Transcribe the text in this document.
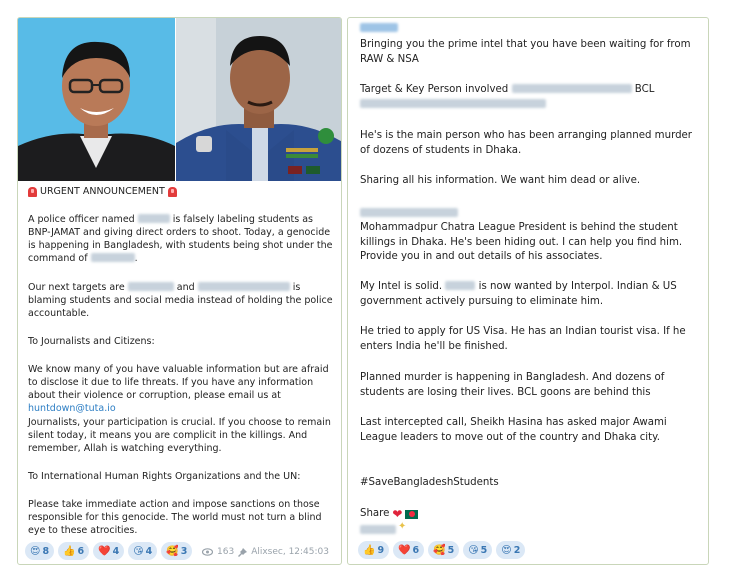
URGENT ANNOUNCEMENT
A police officer named	is falsely labeling students as BNP-JAMAT and giving direct orders to shoot. Today, a genocide is happening in Bangladesh, with students being shot under the command of	.
Our next targets are	and	is blaming students and social media instead of holding the police accountable.
To Journalists and Citizens:
We know many of you have valuable information but are afraid to disclose it due to life threats. If you have any information about their violence or corruption, please email us at huntdown@tuta.io
Journalists, your participation is crucial. If you choose to remain silent today, it means you are complicit in the killings. And remember, Allah is watching everything.
To International Human Rights Organizations and the UN:
Please take immediate action and impose sanctions on those responsible for this genocide. The world must not turn a blind eye to these atrocities.
😍 8 👍 6 ❤️ 4 😘 4 🥰 3	163 Alixsec, 12:45:03
Bringing you the prime intel that you have been waiting for from RAW & NSA
Target & Key Person involved	BCL

He's is the main person who has been arranging planned murder of dozens of students in Dhaka.
Sharing all his information. We want him dead or alive.
Mohammadpur Chatra League President is behind the student killings in Dhaka. He's been hiding out. I can help you find him. Provide you in and out details of his associates.
My Intel is solid.	is now wanted by Interpol. Indian & US government actively pursuing to eliminate him.
He tried to apply for US Visa. He has an Indian tourist visa. If he enters India he'll be finished.
Planned murder is happening in Bangladesh. And dozens of students are losing their lives. BCL goons are behind this
Last intercepted call, Sheikh Hasina has asked major Awami League leaders to move out of the country and Dhaka city.
#SaveBangladeshStudents
Share ❤
✦
👍 9 ❤️ 6 🥰 5 😘 5 😍 2
